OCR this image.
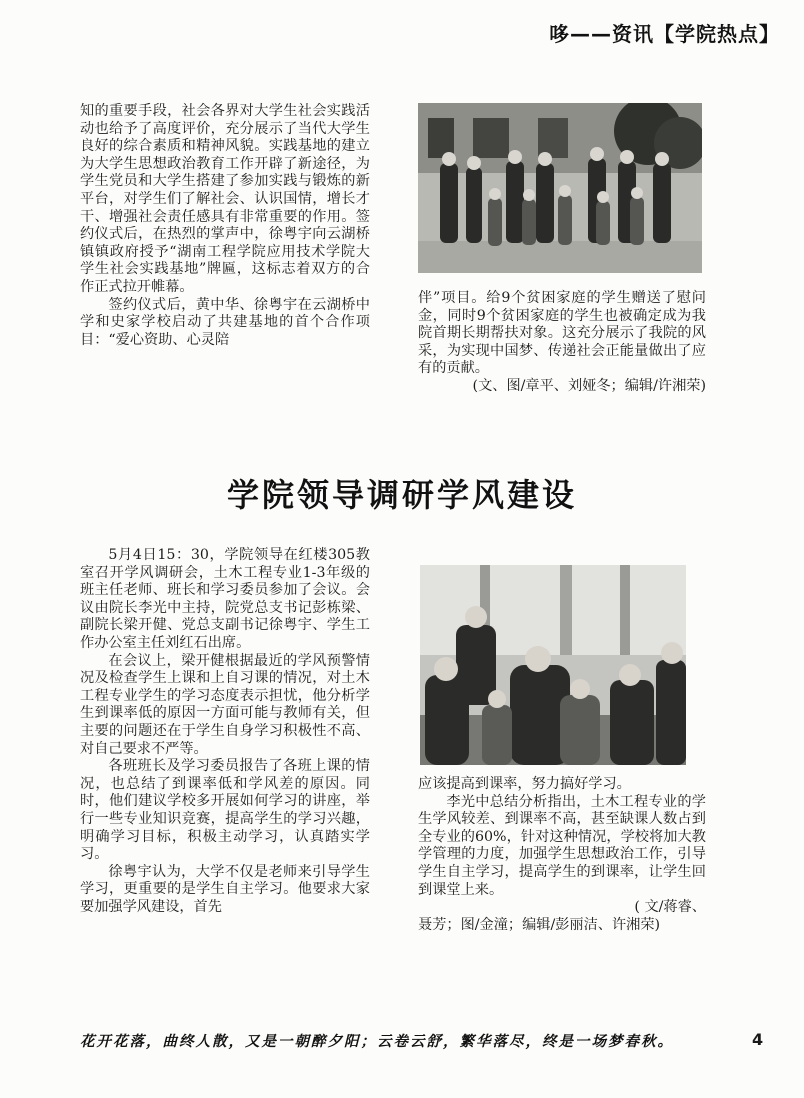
哆——资讯【学院热点】

知的重要手段，社会各界对大学生社会实践活动也给予了高度评价，充分展示了当代大学生良好的综合素质和精神风貌。实践基地的建立为大学生思想政治教育工作开辟了新途径，为学生党员和大学生搭建了参加实践与锻炼的新平台，对学生们了解社会、认识国情，增长才干、增强社会责任感具有非常重要的作用。签约仪式后，在热烈的掌声中，徐粤宇向云湖桥镇镇政府授予“湖南工程学院应用技术学院大学生社会实践基地”牌匾，这标志着双方的合作正式拉开帷幕。

签约仪式后，黄中华、徐粤宇在云湖桥中学和史家学校启动了共建基地的首个合作项目：“爱心资助、心灵陪

伴”项目。给9个贫困家庭的学生赠送了慰问金，同时9个贫困家庭的学生也被确定成为我院首期长期帮扶对象。这充分展示了我院的风采，为实现中国梦、传递社会正能量做出了应有的贡献。

(文、图/章平、刘娅冬；编辑/许湘荣)

学院领导调研学风建设

5月4日15：30，学院领导在红楼305教室召开学风调研会，土木工程专业1-3年级的班主任老师、班长和学习委员参加了会议。会议由院长李光中主持，院党总支书记彭栋梁、副院长梁开健、党总支副书记徐粤宇、学生工作办公室主任刘红石出席。

在会议上，梁开健根据最近的学风预警情况及检查学生上课和上自习课的情况，对土木工程专业学生的学习态度表示担忧，他分析学生到课率低的原因一方面可能与教师有关，但主要的问题还在于学生自身学习积极性不高、对自己要求不严等。

各班班长及学习委员报告了各班上课的情况，也总结了到课率低和学风差的原因。同时，他们建议学校多开展如何学习的讲座，举行一些专业知识竞赛，提高学生的学习兴趣，明确学习目标，积极主动学习，认真踏实学习。

徐粤宇认为，大学不仅是老师来引导学生学习，更重要的是学生自主学习。他要求大家要加强学风建设，首先

应该提高到课率，努力搞好学习。

李光中总结分析指出，土木工程专业的学生学风较差、到课率不高，甚至缺课人数占到全专业的60%，针对这种情况，学校将加大教学管理的力度，加强学生思想政治工作，引导学生自主学习，提高学生的到课率，让学生回到课堂上来。

( 文/蒋睿、

聂芳；图/金潼；编辑/彭丽洁、许湘荣)

花开花落，曲终人散，又是一朝醉夕阳；云卷云舒，繁华落尽，终是一场梦春秋。	4
